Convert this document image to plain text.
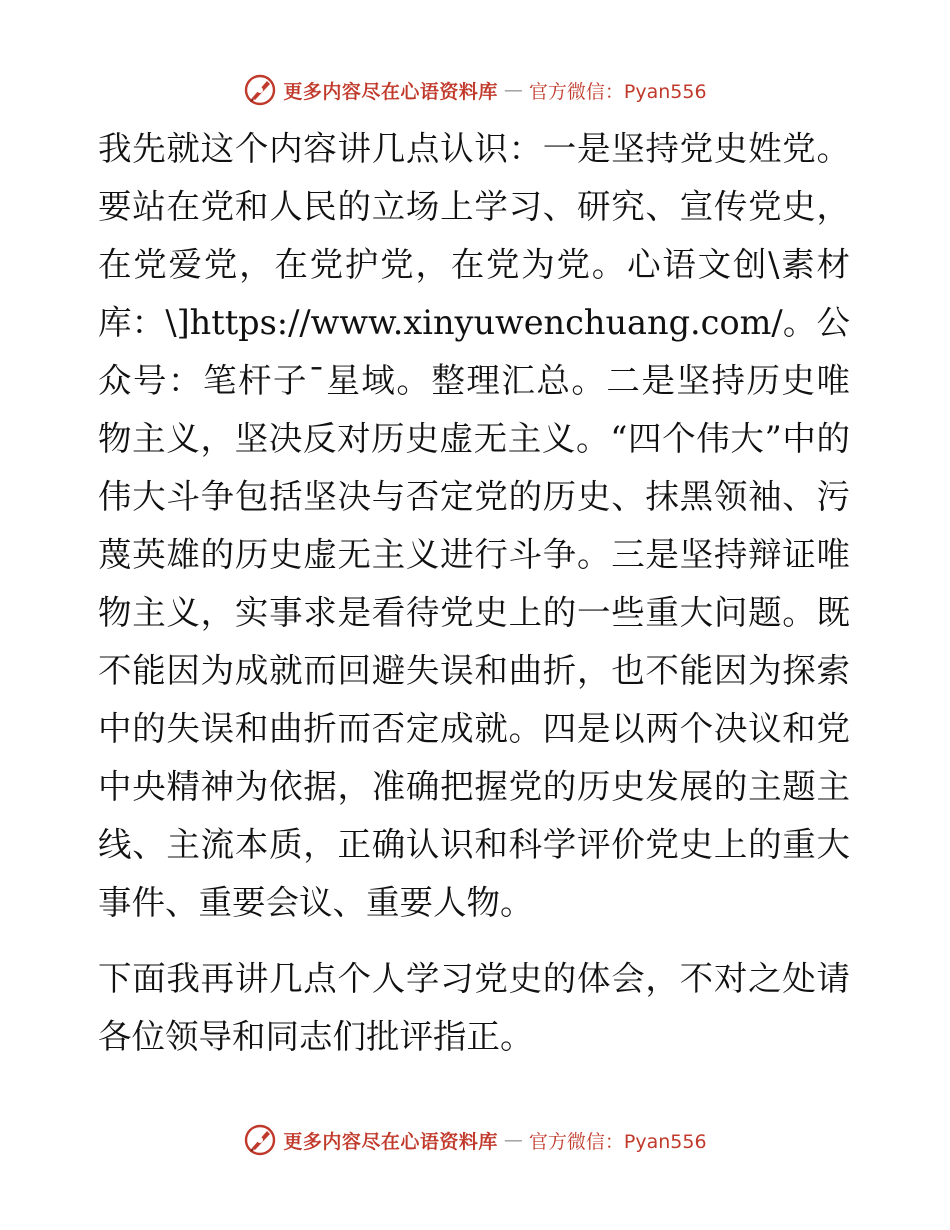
更多内容尽在心语资料库 — 官方微信：Pyan556

我先就这个内容讲几点认识：一是坚持党史姓党。要站在党和人民的立场上学习、研究、宣传党史，在党爱党，在党护党，在党为党。心语文创\素材库：\]https://www.xinyuwenchuang.com/。公众号：笔杆子¯星域。整理汇总。二是坚持历史唯物主义，坚决反对历史虚无主义。“四个伟大”中的伟大斗争包括坚决与否定党的历史、抹黑领袖、污蔑英雄的历史虚无主义进行斗争。三是坚持辩证唯物主义，实事求是看待党史上的一些重大问题。既不能因为成就而回避失误和曲折，也不能因为探索中的失误和曲折而否定成就。四是以两个决议和党中央精神为依据，准确把握党的历史发展的主题主线、主流本质，正确认识和科学评价党史上的重大事件、重要会议、重要人物。

下面我再讲几点个人学习党史的体会，不对之处请各位领导和同志们批评指正。

更多内容尽在心语资料库 — 官方微信：Pyan556
